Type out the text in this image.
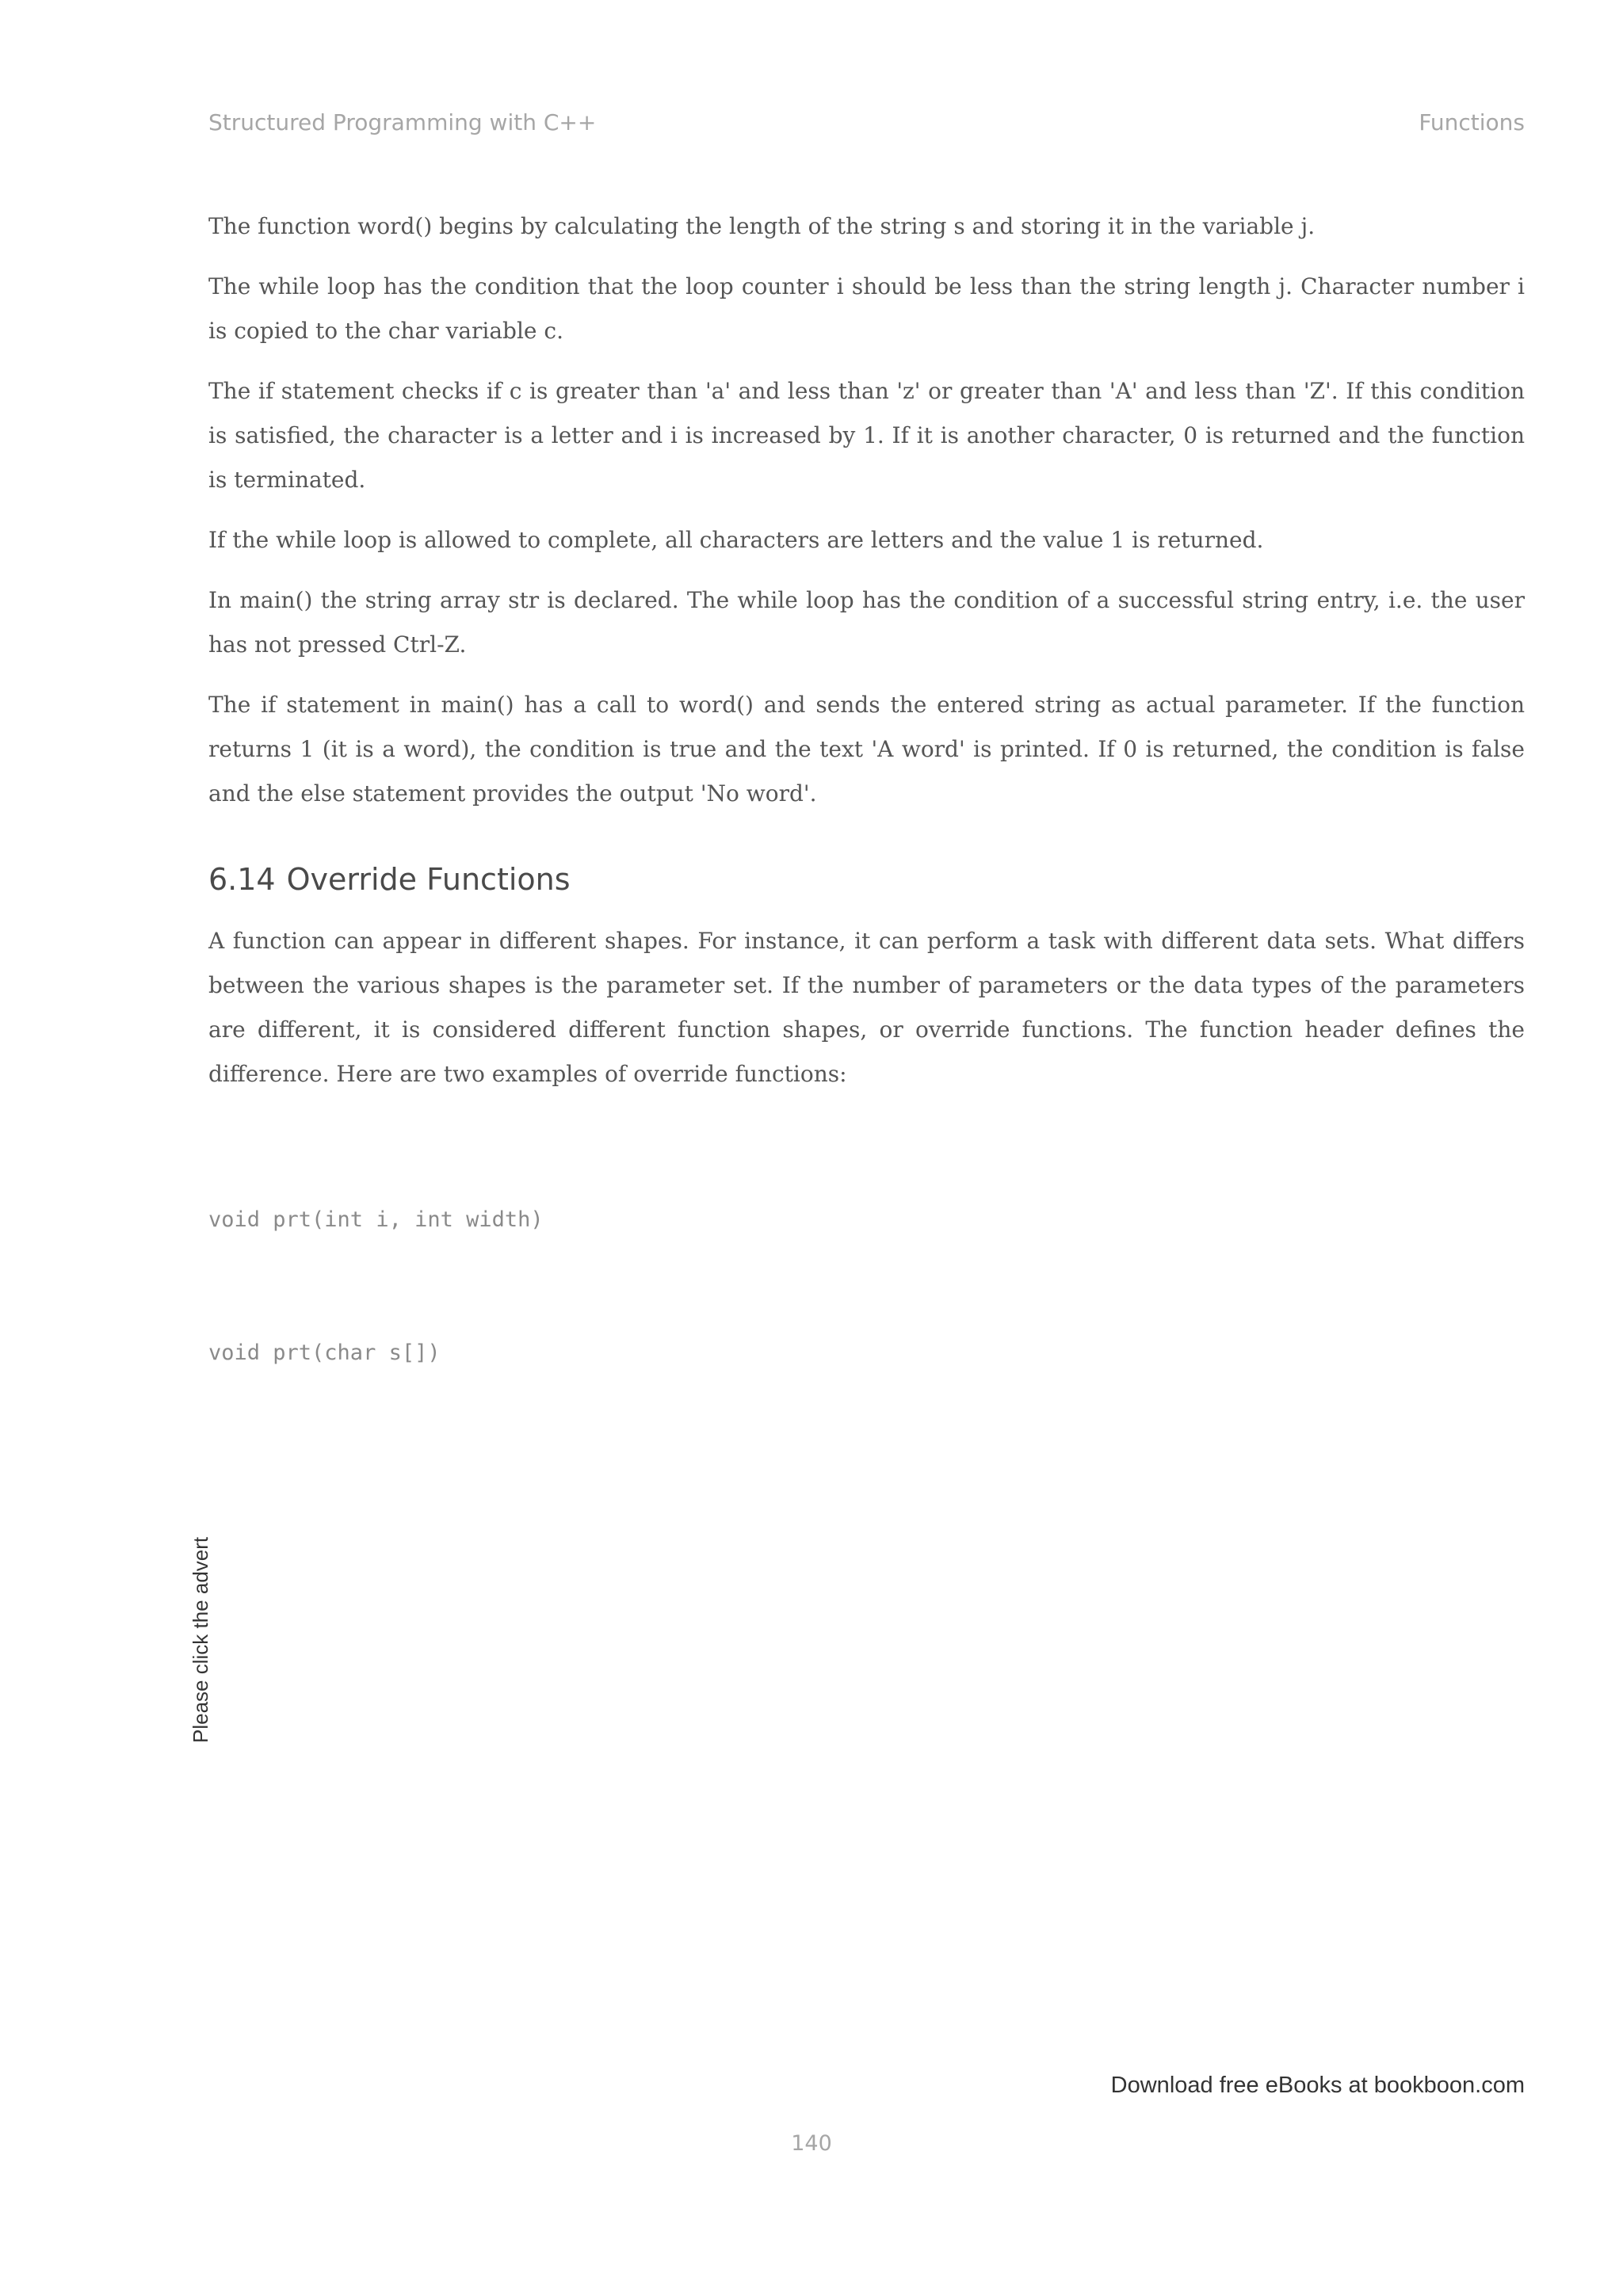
Structured Programming with C++	Functions

The function word() begins by calculating the length of the string s and storing it in the variable j.

The while loop has the condition that the loop counter i should be less than the string length j. Character number i is copied to the char variable c.

The if statement checks if c is greater than 'a' and less than 'z' or greater than 'A' and less than 'Z'. If this condition is satisfied, the character is a letter and i is increased by 1. If it is another character, 0 is returned and the function is terminated.

If the while loop is allowed to complete, all characters are letters and the value 1 is returned.

In main() the string array str is declared. The while loop has the condition of a successful string entry, i.e. the user has not pressed Ctrl-Z.

The if statement in main() has a call to word() and sends the entered string as actual parameter. If the function returns 1 (it is a word), the condition is true and the text 'A word' is printed. If 0 is returned, the condition is false and the else statement provides the output 'No word'.

6.14 Override Functions

A function can appear in different shapes. For instance, it can perform a task with different data sets. What differs between the various shapes is the parameter set. If the number of parameters or the data types of the parameters are different, it is considered different function shapes, or override functions. The function header defines the difference. Here are two examples of override functions:

void prt(int i, int width)

void prt(char s[])

Please click the advert
Download free eBooks at bookboon.com
140
